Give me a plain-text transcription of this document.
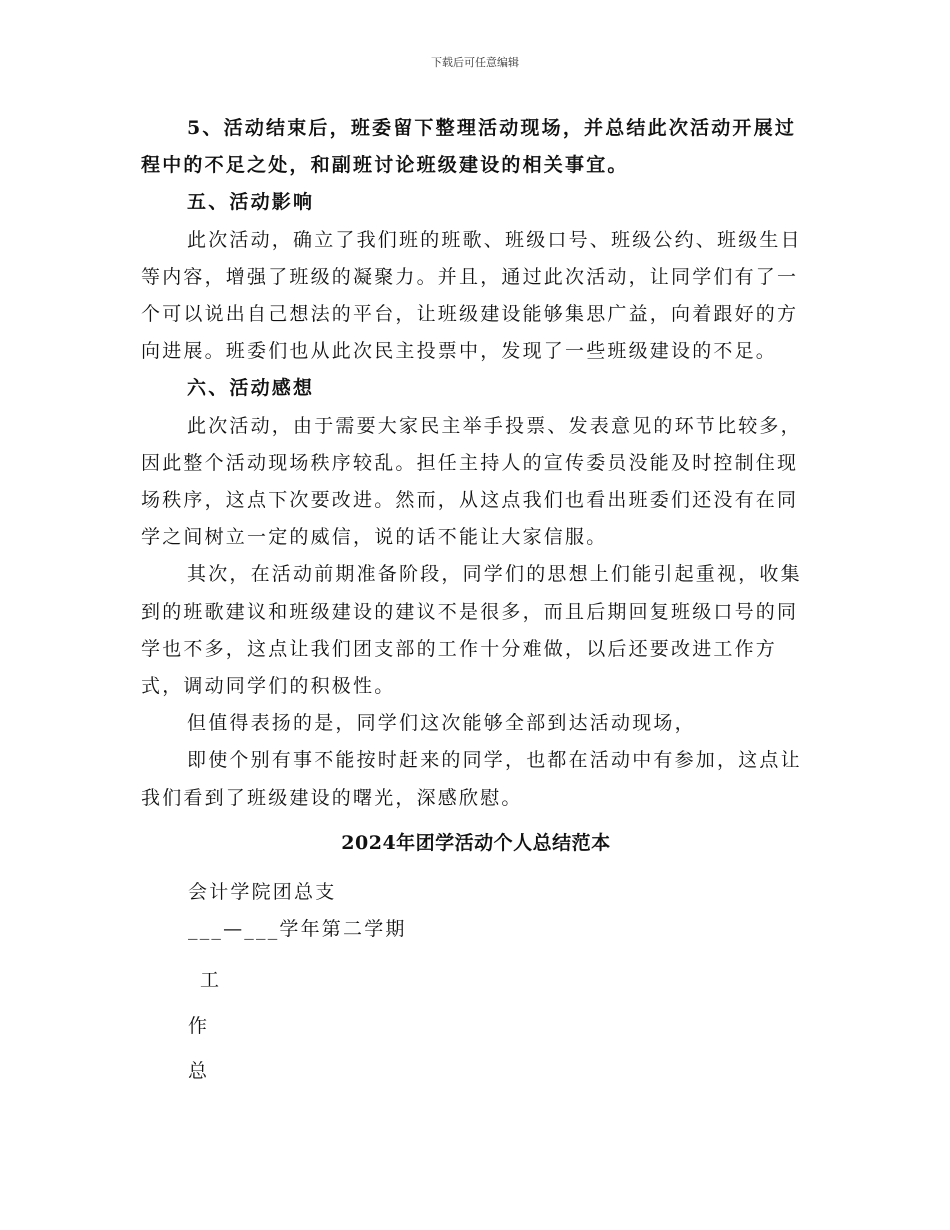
下载后可任意编辑

5、活动结束后，班委留下整理活动现场，并总结此次活动开展过程中的不足之处，和副班讨论班级建设的相关事宜。

五、活动影响

此次活动，确立了我们班的班歌、班级口号、班级公约、班级生日等内容，增强了班级的凝聚力。并且，通过此次活动，让同学们有了一个可以说出自己想法的平台，让班级建设能够集思广益，向着跟好的方向进展。班委们也从此次民主投票中，发现了一些班级建设的不足。

六、活动感想

此次活动，由于需要大家民主举手投票、发表意见的环节比较多，因此整个活动现场秩序较乱。担任主持人的宣传委员没能及时控制住现场秩序，这点下次要改进。然而，从这点我们也看出班委们还没有在同学之间树立一定的威信，说的话不能让大家信服。

其次，在活动前期准备阶段，同学们的思想上们能引起重视，收集到的班歌建议和班级建设的建议不是很多，而且后期回复班级口号的同学也不多，这点让我们团支部的工作十分难做，以后还要改进工作方式，调动同学们的积极性。

但值得表扬的是，同学们这次能够全部到达活动现场，

即使个别有事不能按时赶来的同学，也都在活动中有参加，这点让我们看到了班级建设的曙光，深感欣慰。

2024年团学活动个人总结范本

会计学院团总支

___—___学年第二学期

工

作

总
